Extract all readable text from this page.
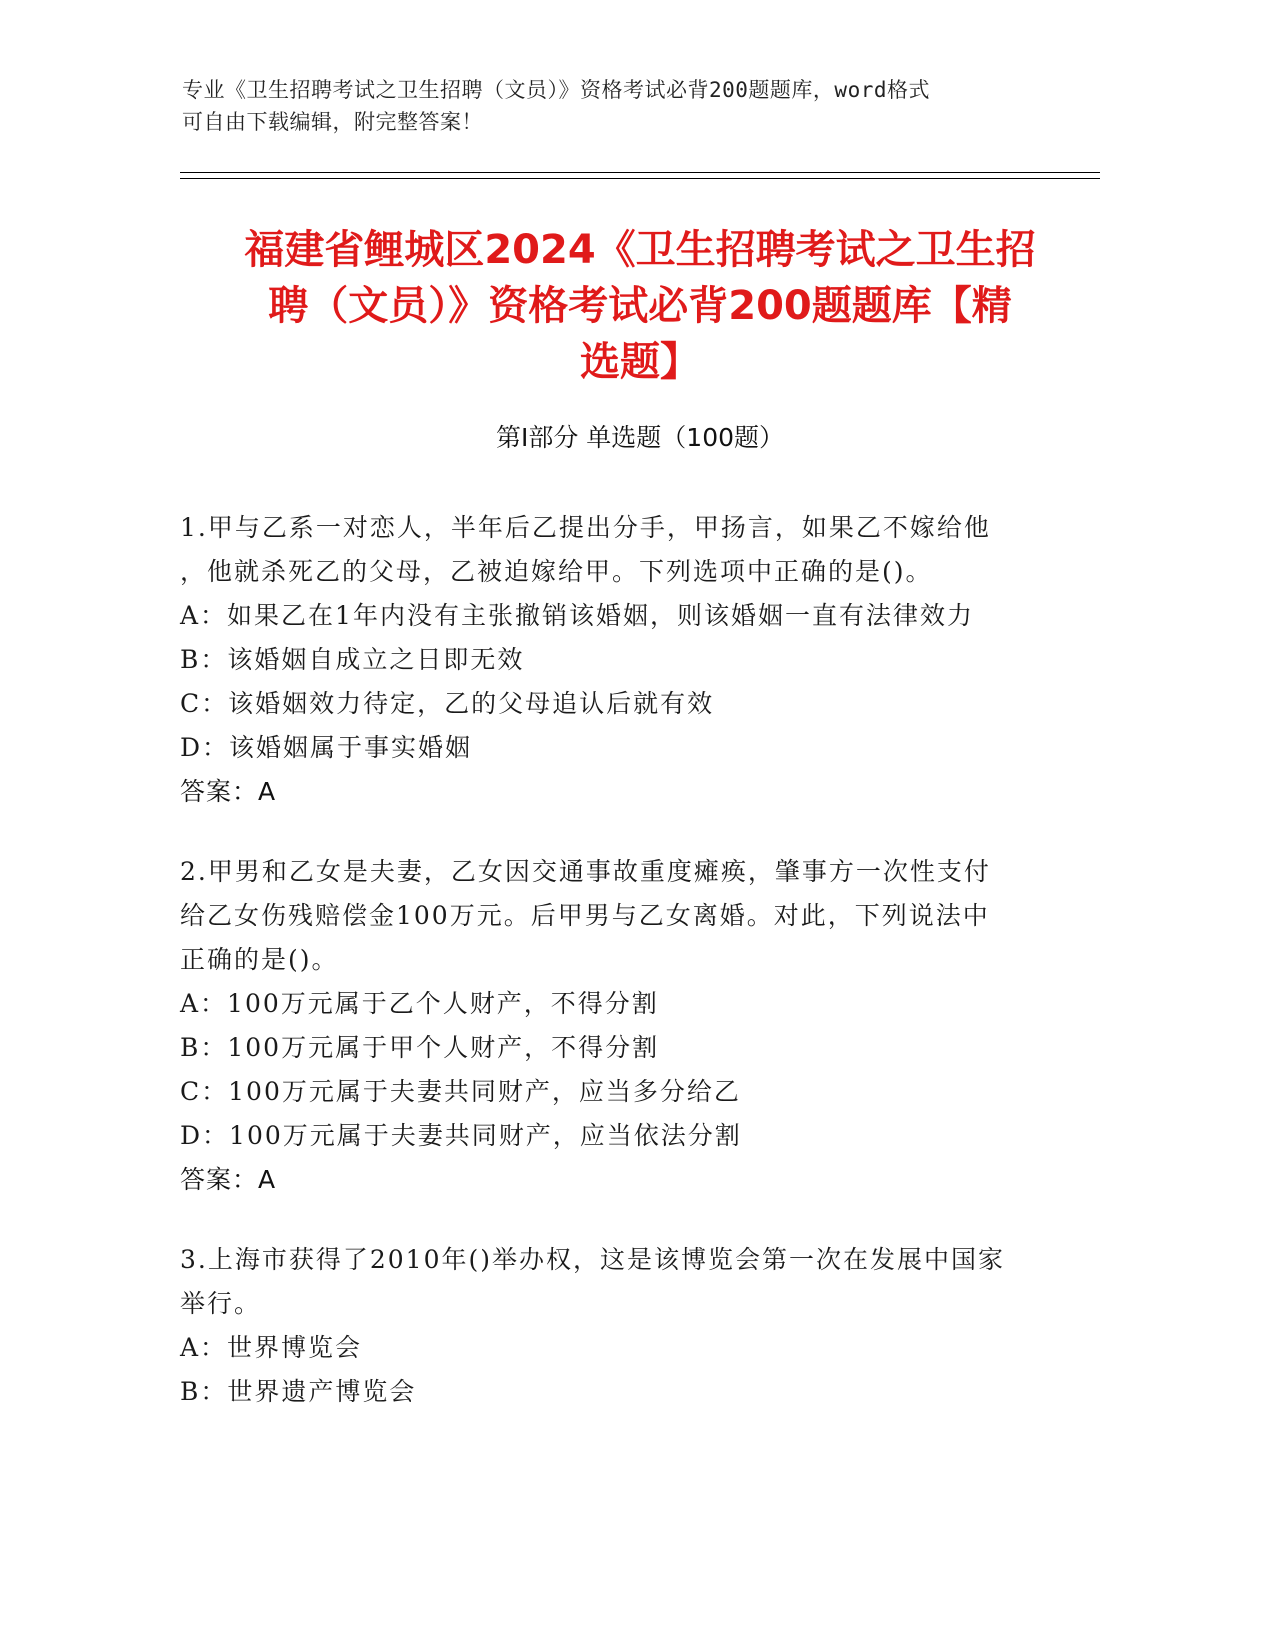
专业《卫生招聘考试之卫生招聘（文员）》资格考试必背200题题库，word格式
可自由下载编辑，附完整答案！
福建省鲤城区2024《卫生招聘考试之卫生招
聘（文员）》资格考试必背200题题库【精
选题】
第Ⅰ部分 单选题（100题）
1.甲与乙系一对恋人，半年后乙提出分手，甲扬言，如果乙不嫁给他
，他就杀死乙的父母，乙被迫嫁给甲。下列选项中正确的是()。
A：如果乙在1年内没有主张撤销该婚姻，则该婚姻一直有法律效力
B：该婚姻自成立之日即无效
C：该婚姻效力待定，乙的父母追认后就有效
D：该婚姻属于事实婚姻
答案：A
2.甲男和乙女是夫妻，乙女因交通事故重度瘫痪，肇事方一次性支付
给乙女伤残赔偿金100万元。后甲男与乙女离婚。对此，下列说法中
正确的是()。
A：100万元属于乙个人财产，不得分割
B：100万元属于甲个人财产，不得分割
C：100万元属于夫妻共同财产，应当多分给乙
D：100万元属于夫妻共同财产，应当依法分割
答案：A
3.上海市获得了2010年()举办权，这是该博览会第一次在发展中国家
举行。
A：世界博览会
B：世界遗产博览会
